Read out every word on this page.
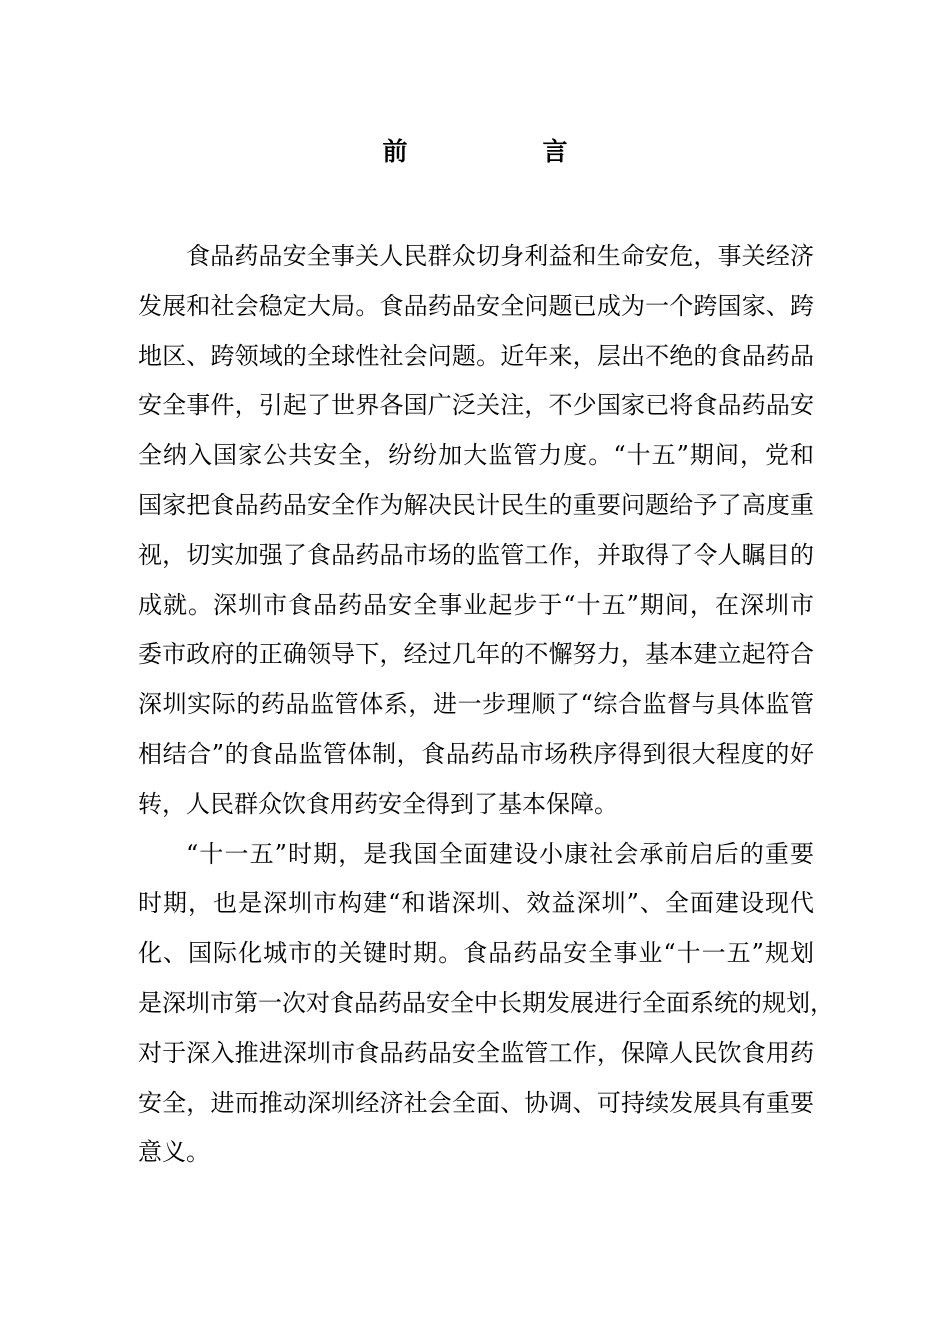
前　言
食品药品安全事关人民群众切身利益和生命安危，事关经济
发展和社会稳定大局。食品药品安全问题已成为一个跨国家、跨
地区、跨领域的全球性社会问题。近年来，层出不绝的食品药品
安全事件，引起了世界各国广泛关注，不少国家已将食品药品安
全纳入国家公共安全，纷纷加大监管力度。“十五”期间，党和
国家把食品药品安全作为解决民计民生的重要问题给予了高度重
视，切实加强了食品药品市场的监管工作，并取得了令人瞩目的
成就。深圳市食品药品安全事业起步于“十五”期间，在深圳市
委市政府的正确领导下，经过几年的不懈努力，基本建立起符合
深圳实际的药品监管体系，进一步理顺了“综合监督与具体监管
相结合”的食品监管体制，食品药品市场秩序得到很大程度的好
转，人民群众饮食用药安全得到了基本保障。
“十一五”时期，是我国全面建设小康社会承前启后的重要
时期，也是深圳市构建“和谐深圳、效益深圳”、全面建设现代
化、国际化城市的关键时期。食品药品安全事业“十一五”规划
是深圳市第一次对食品药品安全中长期发展进行全面系统的规划，
对于深入推进深圳市食品药品安全监管工作，保障人民饮食用药
安全，进而推动深圳经济社会全面、协调、可持续发展具有重要
意义。
